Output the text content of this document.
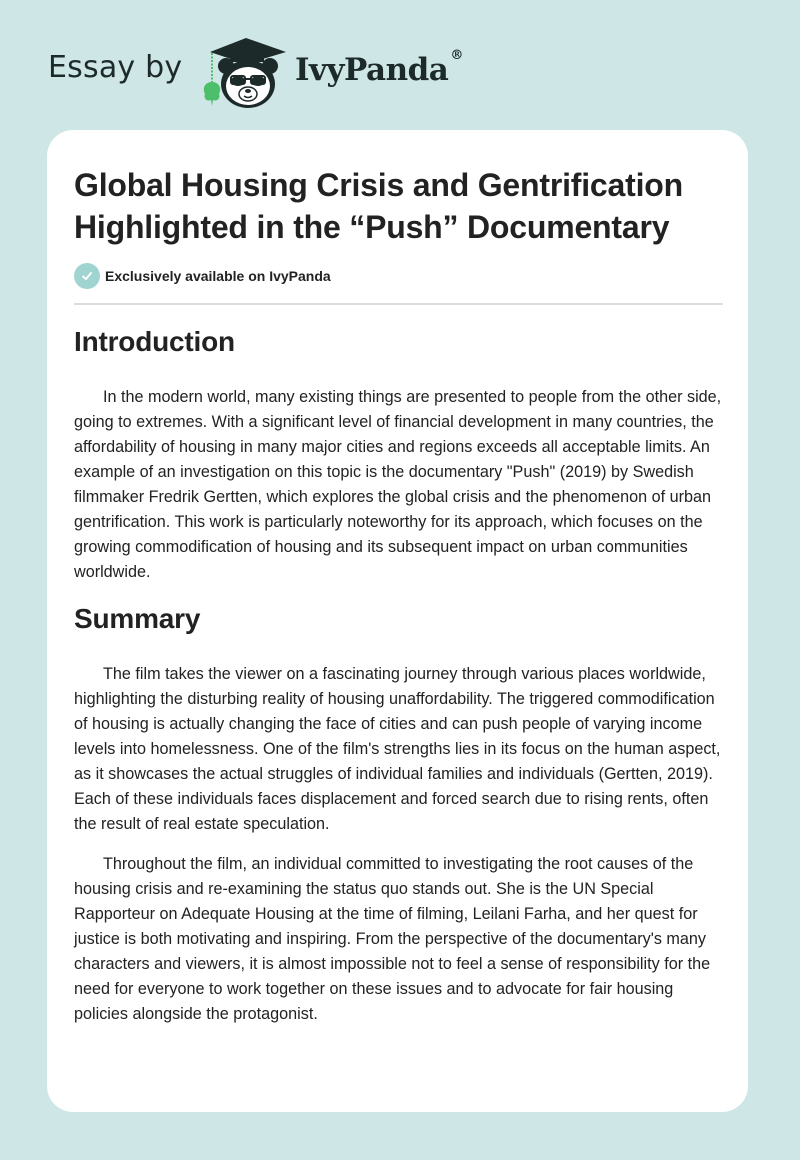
Essay by	IvyPanda ®
Global Housing Crisis and Gentrification Highlighted in the “Push” Documentary
Exclusively available on IvyPanda
Introduction

In the modern world, many existing things are presented to people from the other side, going to extremes. With a significant level of financial development in many countries, the affordability of housing in many major cities and regions exceeds all acceptable limits. An example of an investigation on this topic is the documentary "Push" (2019) by Swedish filmmaker Fredrik Gertten, which explores the global crisis and the phenomenon of urban gentrification. This work is particularly noteworthy for its approach, which focuses on the growing commodification of housing and its subsequent impact on urban communities worldwide.

Summary

The film takes the viewer on a fascinating journey through various places worldwide, highlighting the disturbing reality of housing unaffordability. The triggered commodification of housing is actually changing the face of cities and can push people of varying income levels into homelessness. One of the film's strengths lies in its focus on the human aspect, as it showcases the actual struggles of individual families and individuals (Gertten, 2019). Each of these individuals faces displacement and forced search due to rising rents, often the result of real estate speculation.

Throughout the film, an individual committed to investigating the root causes of the housing crisis and re-examining the status quo stands out. She is the UN Special Rapporteur on Adequate Housing at the time of filming, Leilani Farha, and her quest for justice is both motivating and inspiring. From the perspective of the documentary's many characters and viewers, it is almost impossible not to feel a sense of responsibility for the need for everyone to work together on these issues and to advocate for fair housing policies alongside the protagonist.
